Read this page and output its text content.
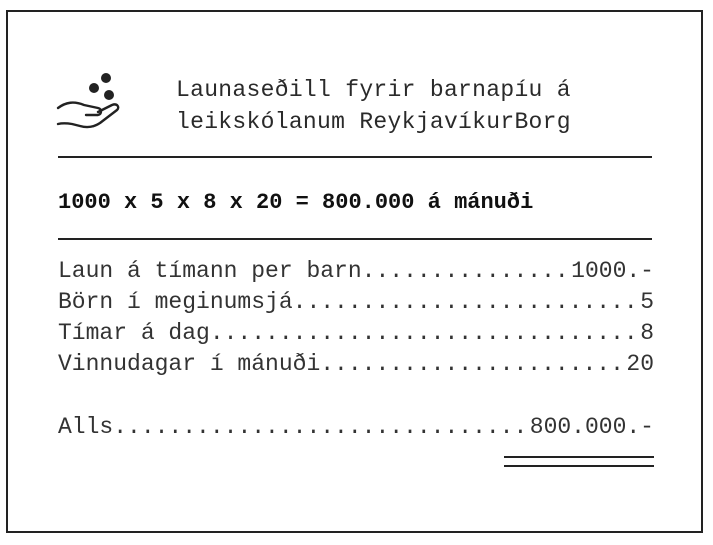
Launaseðill fyrir barnapíu á
leikskólanum ReykjavíkurBorg
1000 x 5 x 8 x 20 = 800.000 á mánuði
Laun á tímann per barn .....	1000.-
Börn í meginumsjá .....	5
Tímar á dag .....	8
Vinnudagar í mánuði .....	20
Alls .....	800.000.-
